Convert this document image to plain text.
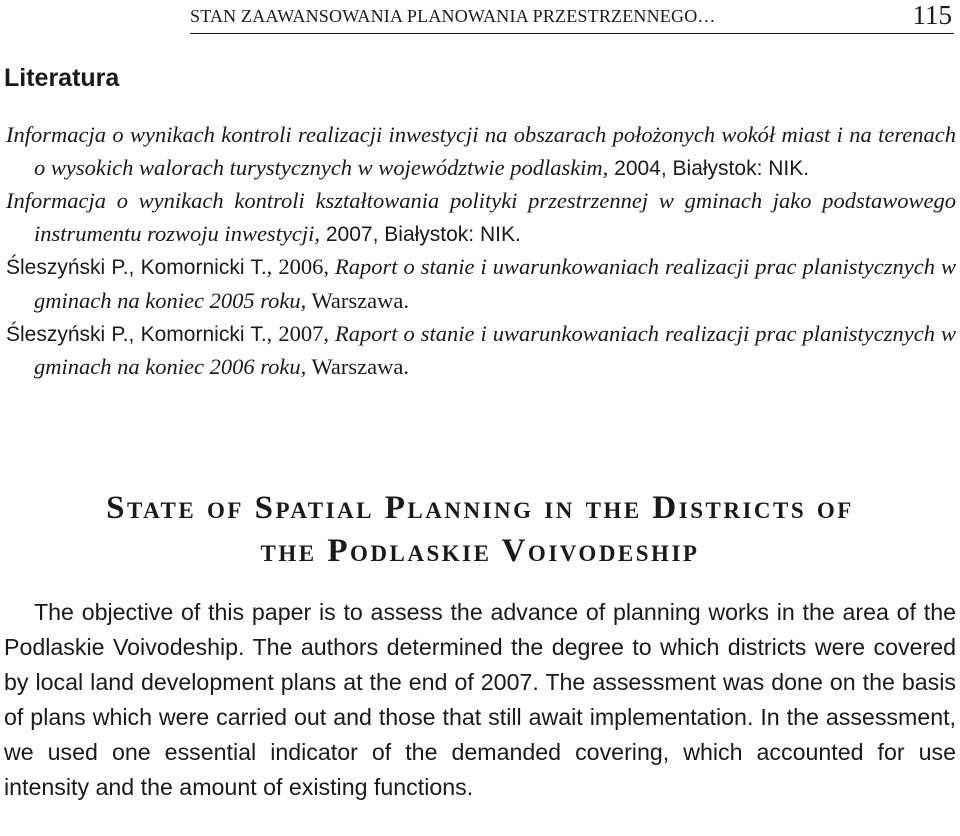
STAN ZAAWANSOWANIA PLANOWANIA PRZESTRZENNEGO…	115
Literatura

Informacja o wynikach kontroli realizacji inwestycji na obszarach położonych wokół miast i na terenach o wysokich walorach turystycznych w województwie podlaskim, 2004, Białystok: NIK.

Informacja o wynikach kontroli kształtowania polityki przestrzennej w gminach jako podstawowego instrumentu rozwoju inwestycji, 2007, Białystok: NIK.

Śleszyński P., Komornicki T., 2006, Raport o stanie i uwarunkowaniach realizacji prac planistycznych w gminach na koniec 2005 roku, Warszawa.

Śleszyński P., Komornicki T., 2007, Raport o stanie i uwarunkowaniach realizacji prac planistycznych w gminach na koniec 2006 roku, Warszawa.

State of Spatial Planning in the Districts of
the Podlaskie Voivodeship

The objective of this paper is to assess the advance of planning works in the area of the Podlaskie Voivodeship. The authors determined the degree to which districts were covered by local land development plans at the end of 2007. The assessment was done on the basis of plans which were carried out and those that still await implementation. In the assessment, we used one essential indicator of the demanded covering, which accounted for use intensity and the amount of existing functions.
